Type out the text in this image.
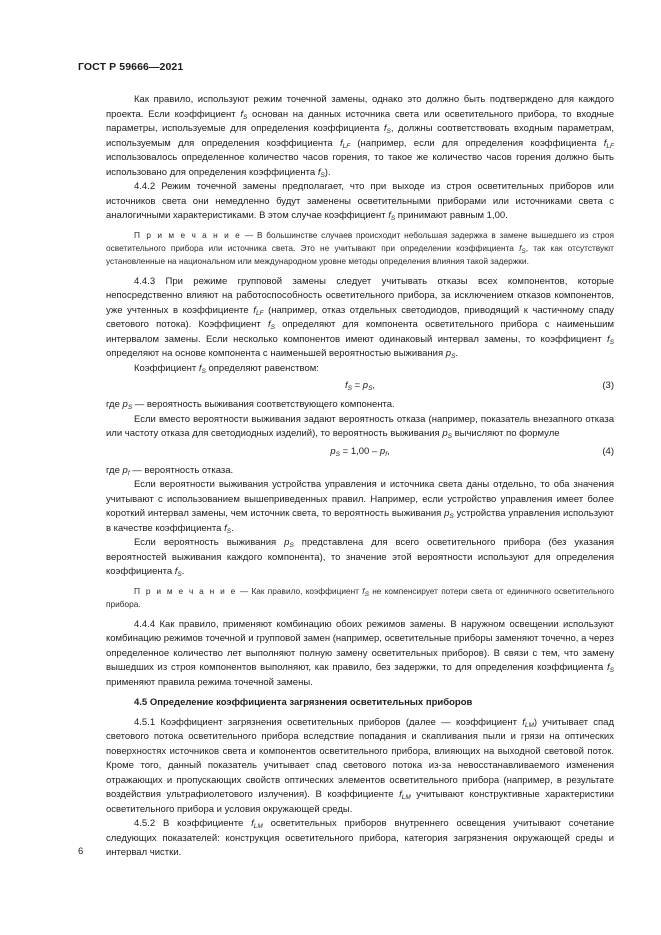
ГОСТ Р 59666—2021

Как правило, используют режим точечной замены, однако это должно быть подтверждено для каждого проекта. Если коэффициент $f_S$ основан на данных источника света или осветительного прибора, то входные параметры, используемые для определения коэффициента $f_S$, должны соответствовать входным параметрам, используемым для определения коэффициента $f_{LF}$ (например, если для определения коэффициента $f_{LF}$ использовалось определенное количество часов горения, то такое же количество часов горения должно быть использовано для определения коэффициента $f_S$).

4.4.2 Режим точечной замены предполагает, что при выходе из строя осветительных приборов или источников света они немедленно будут заменены осветительными приборами или источниками света с аналогичными характеристиками. В этом случае коэффициент $f_S$ принимают равным 1,00.

П р и м е ч а н и е — В большинстве случаев происходит небольшая задержка в замене вышедшего из строя осветительного прибора или источника света. Это не учитывают при определении коэффициента $f_S$, так как отсутствуют установленные на национальном или международном уровне методы определения влияния такой задержки.

4.4.3 При режиме групповой замены следует учитывать отказы всех компонентов, которые непосредственно влияют на работоспособность осветительного прибора, за исключением отказов компонентов, уже учтенных в коэффициенте $f_{LF}$ (например, отказ отдельных светодиодов, приводящий к частичному спаду светового потока). Коэффициент $f_S$ определяют для компонента осветительного прибора с наименьшим интервалом замены. Если несколько компонентов имеют одинаковый интервал замены, то коэффициент $f_S$ определяют на основе компонента с наименьшей вероятностью выживания $p_S$.

Коэффициент $f_S$ определяют равенством:

$f_S = p_S$,	(3)

где $p_S$ — вероятность выживания соответствующего компонента.

Если вместо вероятности выживания задают вероятность отказа (например, показатель внезапного отказа или частоту отказа для светодиодных изделий), то вероятность выживания $p_S$ вычисляют по формуле

$p_S = 1,00 - p_f$,	(4)

где $p_f$ — вероятность отказа.

Если вероятности выживания устройства управления и источника света даны отдельно, то оба значения учитывают с использованием вышеприведенных правил. Например, если устройство управления имеет более короткий интервал замены, чем источник света, то вероятность выживания $p_S$ устройства управления используют в качестве коэффициента $f_S$.

Если вероятность выживания $p_S$ представлена для всего осветительного прибора (без указания вероятностей выживания каждого компонента), то значение этой вероятности используют для определения коэффициента $f_S$.

П р и м е ч а н и е — Как правило, коэффициент $f_S$ не компенсирует потери света от единичного осветительного прибора.

4.4.4 Как правило, применяют комбинацию обоих режимов замены. В наружном освещении используют комбинацию режимов точечной и групповой замен (например, осветительные приборы заменяют точечно, а через определенное количество лет выполняют полную замену осветительных приборов). В связи с тем, что замену вышедших из строя компонентов выполняют, как правило, без задержки, то для определения коэффициента $f_S$ применяют правила режима точечной замены.

4.5 Определение коэффициента загрязнения осветительных приборов

4.5.1 Коэффициент загрязнения осветительных приборов (далее — коэффициент $f_{LM}$) учитывает спад светового потока осветительного прибора вследствие попадания и скапливания пыли и грязи на оптических поверхностях источников света и компонентов осветительного прибора, влияющих на выходной световой поток. Кроме того, данный показатель учитывает спад светового потока из-за невосстанавливаемого изменения отражающих и пропускающих свойств оптических элементов осветительного прибора (например, в результате воздействия ультрафиолетового излучения). В коэффициенте $f_{LM}$ учитывают конструктивные характеристики осветительного прибора и условия окружающей среды.

4.5.2 В коэффициенте $f_{LM}$ осветительных приборов внутреннего освещения учитывают сочетание следующих показателей: конструкция осветительного прибора, категория загрязнения окружающей среды и интервал чистки.

6
